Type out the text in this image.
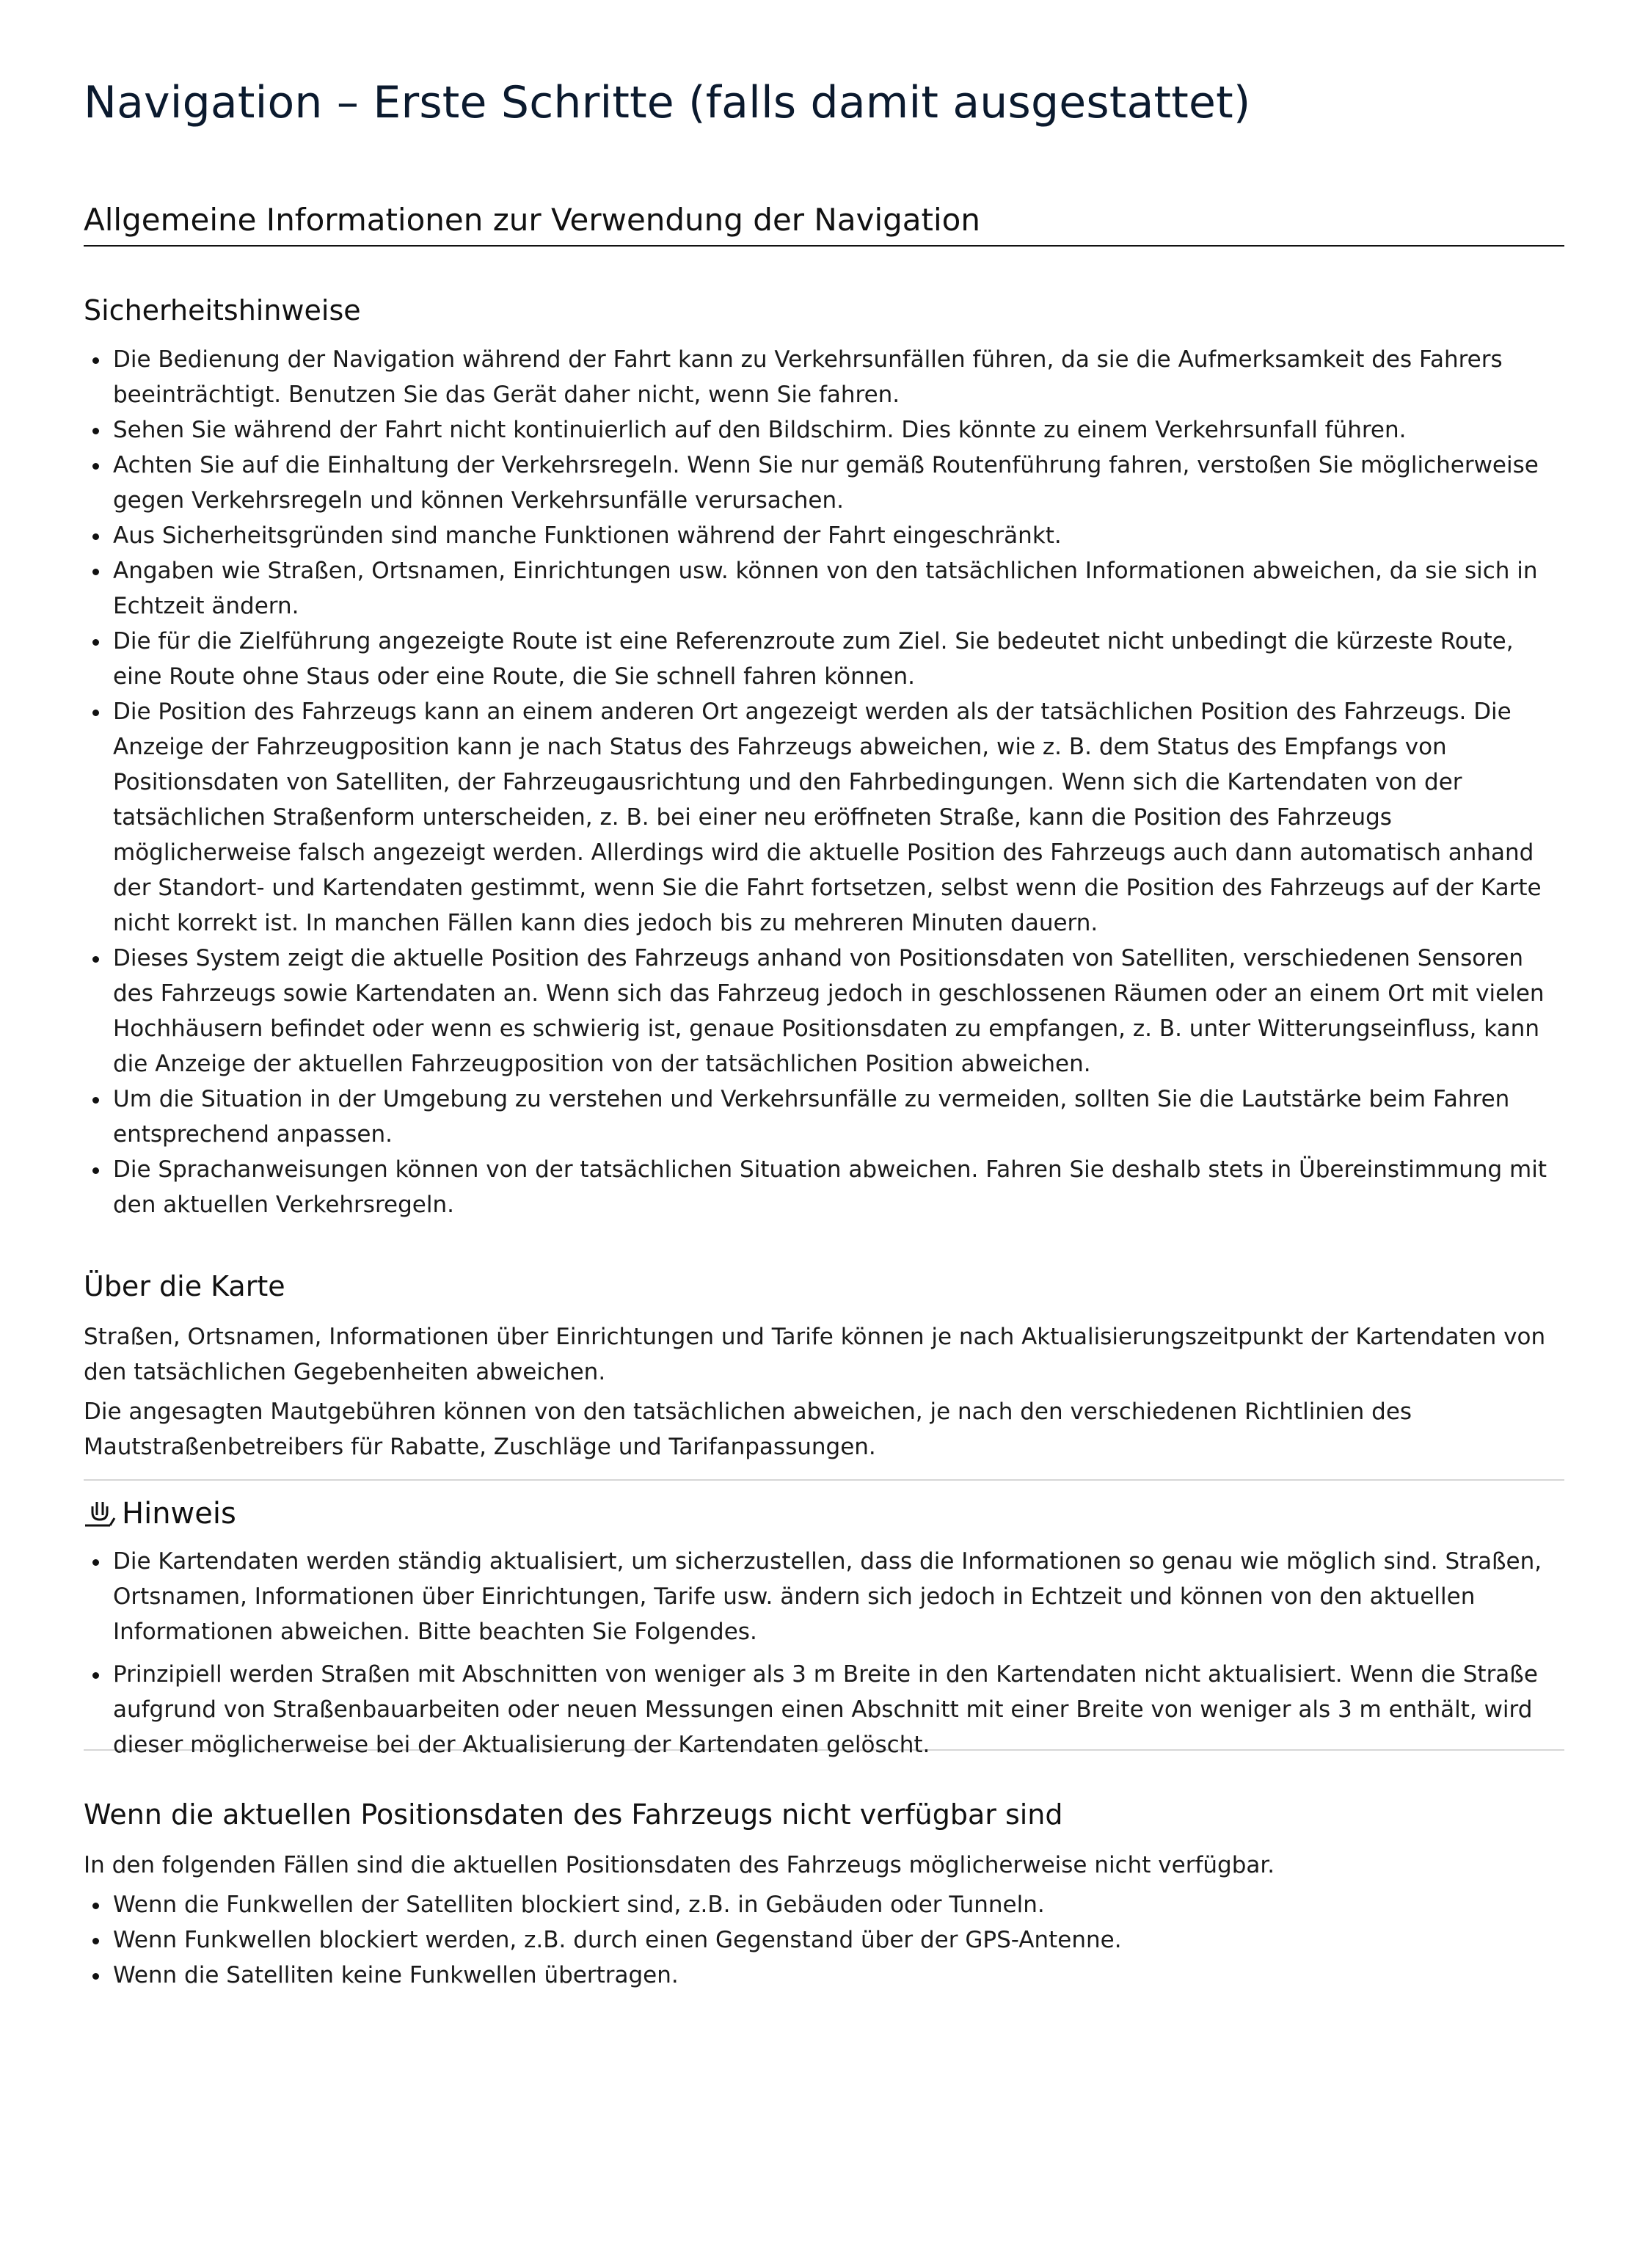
Navigation – Erste Schritte (falls damit ausgestattet)
Allgemeine Informationen zur Verwendung der Navigation
Sicherheitshinweise
Die Bedienung der Navigation während der Fahrt kann zu Verkehrsunfällen führen, da sie die Aufmerksamkeit des Fahrers beeinträchtigt. Benutzen Sie das Gerät daher nicht, wenn Sie fahren.
Sehen Sie während der Fahrt nicht kontinuierlich auf den Bildschirm. Dies könnte zu einem Verkehrsunfall führen.
Achten Sie auf die Einhaltung der Verkehrsregeln. Wenn Sie nur gemäß Routenführung fahren, verstoßen Sie möglicherweise gegen Verkehrsregeln und können Verkehrsunfälle verursachen.
Aus Sicherheitsgründen sind manche Funktionen während der Fahrt eingeschränkt.
Angaben wie Straßen, Ortsnamen, Einrichtungen usw. können von den tatsächlichen Informationen abweichen, da sie sich in Echtzeit ändern.
Die für die Zielführung angezeigte Route ist eine Referenzroute zum Ziel. Sie bedeutet nicht unbedingt die kürzeste Route, eine Route ohne Staus oder eine Route, die Sie schnell fahren können.
Die Position des Fahrzeugs kann an einem anderen Ort angezeigt werden als der tatsächlichen Position des Fahrzeugs. Die Anzeige der Fahrzeugposition kann je nach Status des Fahrzeugs abweichen, wie z. B. dem Status des Empfangs von Positionsdaten von Satelliten, der Fahrzeugausrichtung und den Fahrbedingungen. Wenn sich die Kartendaten von der tatsächlichen Straßenform unterscheiden, z. B. bei einer neu eröffneten Straße, kann die Position des Fahrzeugs möglicherweise falsch angezeigt werden. Allerdings wird die aktuelle Position des Fahrzeugs auch dann automatisch anhand der Standort- und Kartendaten gestimmt, wenn Sie die Fahrt fortsetzen, selbst wenn die Position des Fahrzeugs auf der Karte nicht korrekt ist. In manchen Fällen kann dies jedoch bis zu mehreren Minuten dauern.
Dieses System zeigt die aktuelle Position des Fahrzeugs anhand von Positionsdaten von Satelliten, verschiedenen Sensoren des Fahrzeugs sowie Kartendaten an. Wenn sich das Fahrzeug jedoch in geschlossenen Räumen oder an einem Ort mit vielen Hochhäusern befindet oder wenn es schwierig ist, genaue Positionsdaten zu empfangen, z. B. unter Witterungseinfluss, kann die Anzeige der aktuellen Fahrzeugposition von der tatsächlichen Position abweichen.
Um die Situation in der Umgebung zu verstehen und Verkehrsunfälle zu vermeiden, sollten Sie die Lautstärke beim Fahren entsprechend anpassen.
Die Sprachanweisungen können von der tatsächlichen Situation abweichen. Fahren Sie deshalb stets in Übereinstimmung mit den aktuellen Verkehrsregeln.
Über die Karte

Straßen, Ortsnamen, Informationen über Einrichtungen und Tarife können je nach Aktualisierungszeitpunkt der Kartendaten von den tatsächlichen Gegebenheiten abweichen.

Die angesagten Mautgebühren können von den tatsächlichen abweichen, je nach den verschiedenen Richtlinien des Mautstraßenbetreibers für Rabatte, Zuschläge und Tarifanpassungen.

Hinweis
Die Kartendaten werden ständig aktualisiert, um sicherzustellen, dass die Informationen so genau wie möglich sind. Straßen, Ortsnamen, Informationen über Einrichtungen, Tarife usw. ändern sich jedoch in Echtzeit und können von den aktuellen Informationen abweichen. Bitte beachten Sie Folgendes.
Prinzipiell werden Straßen mit Abschnitten von weniger als 3 m Breite in den Kartendaten nicht aktualisiert. Wenn die Straße aufgrund von Straßenbauarbeiten oder neuen Messungen einen Abschnitt mit einer Breite von weniger als 3 m enthält, wird dieser möglicherweise bei der Aktualisierung der Kartendaten gelöscht.
Wenn die aktuellen Positionsdaten des Fahrzeugs nicht verfügbar sind

In den folgenden Fällen sind die aktuellen Positionsdaten des Fahrzeugs möglicherweise nicht verfügbar.

Wenn die Funkwellen der Satelliten blockiert sind, z.B. in Gebäuden oder Tunneln.
Wenn Funkwellen blockiert werden, z.B. durch einen Gegenstand über der GPS-Antenne.
Wenn die Satelliten keine Funkwellen übertragen.
